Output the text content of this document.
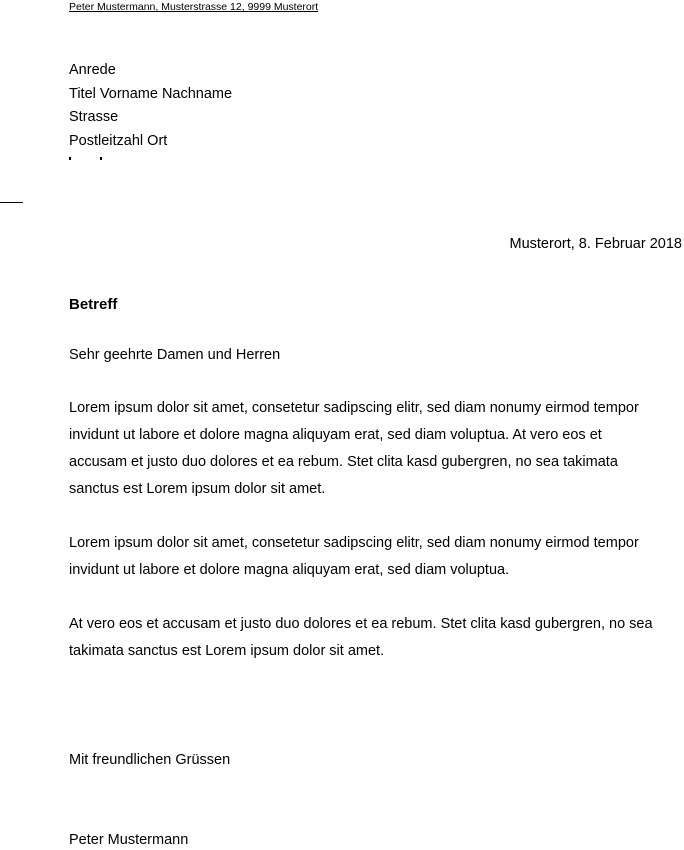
Peter Mustermann, Musterstrasse 12, 9999 Musterort
Anrede
Titel Vorname Nachname
Strasse
Postleitzahl Ort
Musterort, 8. Februar 2018
Betreff
Sehr geehrte Damen und Herren
Lorem ipsum dolor sit amet, consetetur sadipscing elitr, sed diam nonumy eirmod tempor
invidunt ut labore et dolore magna aliquyam erat, sed diam voluptua. At vero eos et
accusam et justo duo dolores et ea rebum. Stet clita kasd gubergren, no sea takimata
sanctus est Lorem ipsum dolor sit amet.
Lorem ipsum dolor sit amet, consetetur sadipscing elitr, sed diam nonumy eirmod tempor
invidunt ut labore et dolore magna aliquyam erat, sed diam voluptua.
At vero eos et accusam et justo duo dolores et ea rebum. Stet clita kasd gubergren, no sea
takimata sanctus est Lorem ipsum dolor sit amet.
Mit freundlichen Grüssen
Peter Mustermann
